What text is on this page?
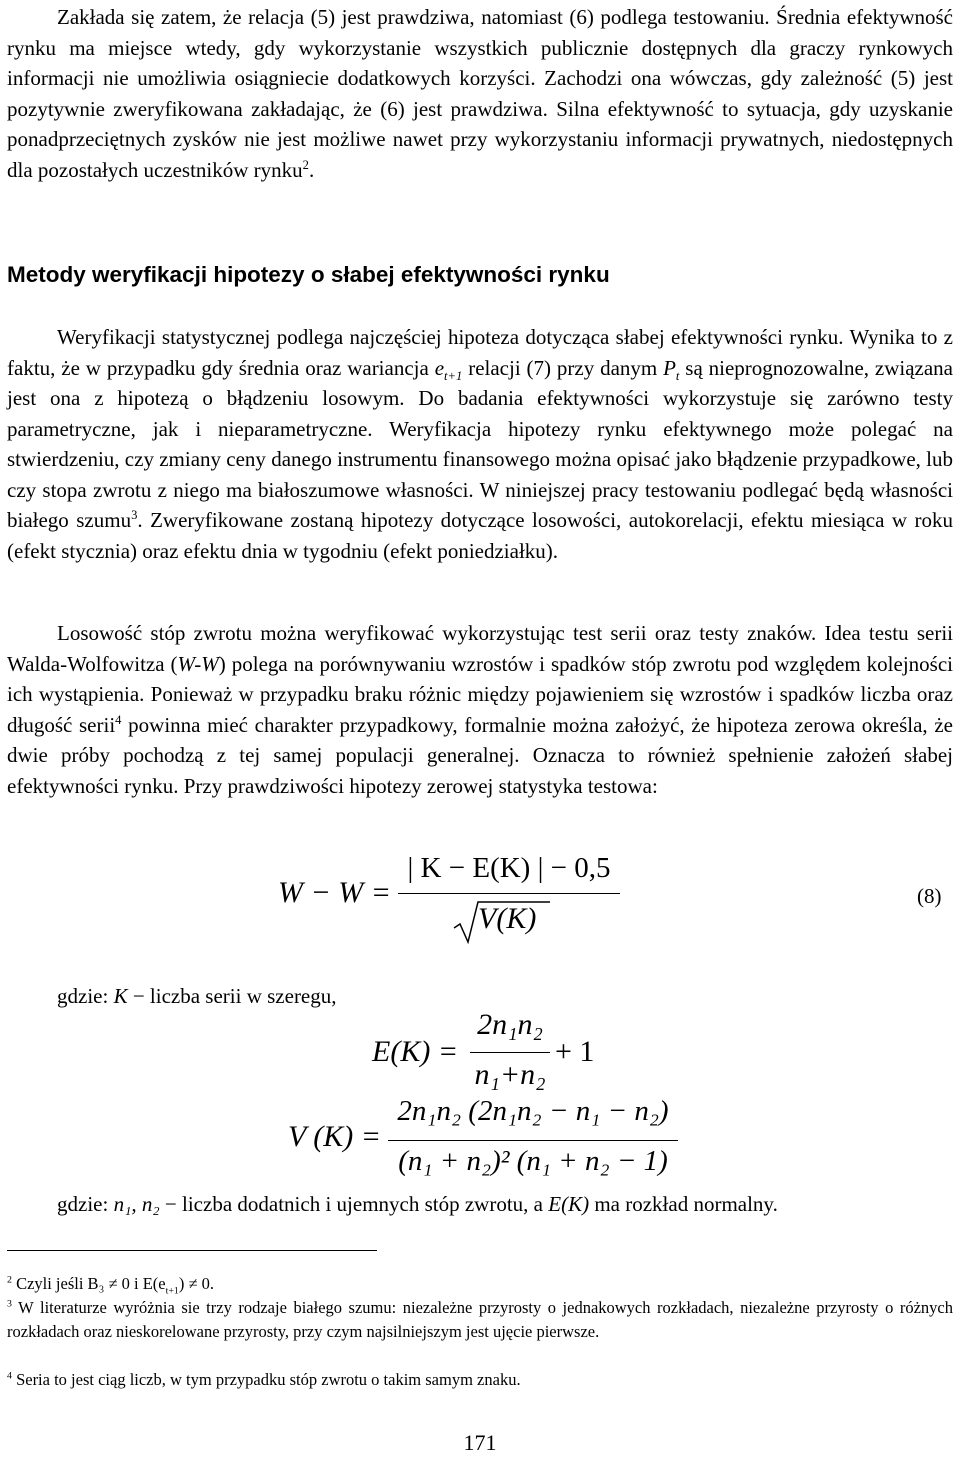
Zakłada się zatem, że relacja (5) jest prawdziwa, natomiast (6) podlega testowaniu. Średnia efektywność rynku ma miejsce wtedy, gdy wykorzystanie wszystkich publicznie dostępnych dla graczy rynkowych informacji nie umożliwia osiągniecie dodatkowych korzyści. Zachodzi ona wówczas, gdy zależność (5) jest pozytywnie zweryfikowana zakładając, że (6) jest prawdziwa. Silna efektywność to sytuacja, gdy uzyskanie ponadprzeciętnych zysków nie jest możliwe nawet przy wykorzystaniu informacji prywatnych, niedostępnych dla pozostałych uczestników rynku$^2$.

Metody weryfikacji hipotezy o słabej efektywności rynku

Weryfikacji statystycznej podlega najczęściej hipoteza dotycząca słabej efektywności rynku. Wynika to z faktu, że w przypadku gdy średnia oraz wariancja $e_{t+1}$ relacji (7) przy danym $P_t$ są nieprognozowalne, związana jest ona z hipotezą o błądzeniu losowym. Do badania efektywności wykorzystuje się zarówno testy parametryczne, jak i nieparametryczne. Weryfikacja hipotezy rynku efektywnego może polegać na stwierdzeniu, czy zmiany ceny danego instrumentu finansowego można opisać jako błądzenie przypadkowe, lub czy stopa zwrotu z niego ma białoszumowe własności. W niniejszej pracy testowaniu podlegać będą własności białego szumu$^3$. Zweryfikowane zostaną hipotezy dotyczące losowości, autokorelacji, efektu miesiąca w roku (efekt stycznia) oraz efektu dnia w tygodniu (efekt poniedziałku).

Losowość stóp zwrotu można weryfikować wykorzystując test serii oraz testy znaków. Idea testu serii Walda-Wolfowitza (W-W) polega na porównywaniu wzrostów i spadków stóp zwrotu pod względem kolejności ich wystąpienia. Ponieważ w przypadku braku różnic między pojawieniem się wzrostów i spadków liczba oraz długość serii$^4$ powinna mieć charakter przypadkowy, formalnie można założyć, że hipoteza zerowa określa, że dwie próby pochodzą z tej samej populacji generalnej. Oznacza to również spełnienie założeń słabej efektywności rynku. Przy prawdziwości hipotezy zerowej statystyka testowa:

W − W =
| K − E(K) | − 0,5
V(K)
(8)

gdzie: K − liczba serii w szeregu,

E(K) =
2n₁n₂
n₁+n₂
+ 1
V (K) =
2n₁n₂ (2n₁n₂ − n₁ − n₂)
(n₁ + n₂)² (n₁ + n₂ − 1)

gdzie: n₁, n₂ − liczba dodatnich i ujemnych stóp zwrotu, a E(K) ma rozkład normalny.

$^2$ Czyli jeśli B₃ ≠ 0 i $E(e_{t+1}) \ne 0$.

$^3$ W literaturze wyróżnia sie trzy rodzaje białego szumu: niezależne przyrosty o jednakowych rozkładach, niezależne przyrosty o różnych rozkładach oraz nieskorelowane przyrosty, przy czym najsilniejszym jest ujęcie pierwsze.

$^4$ Seria to jest ciąg liczb, w tym przypadku stóp zwrotu o takim samym znaku.

171
